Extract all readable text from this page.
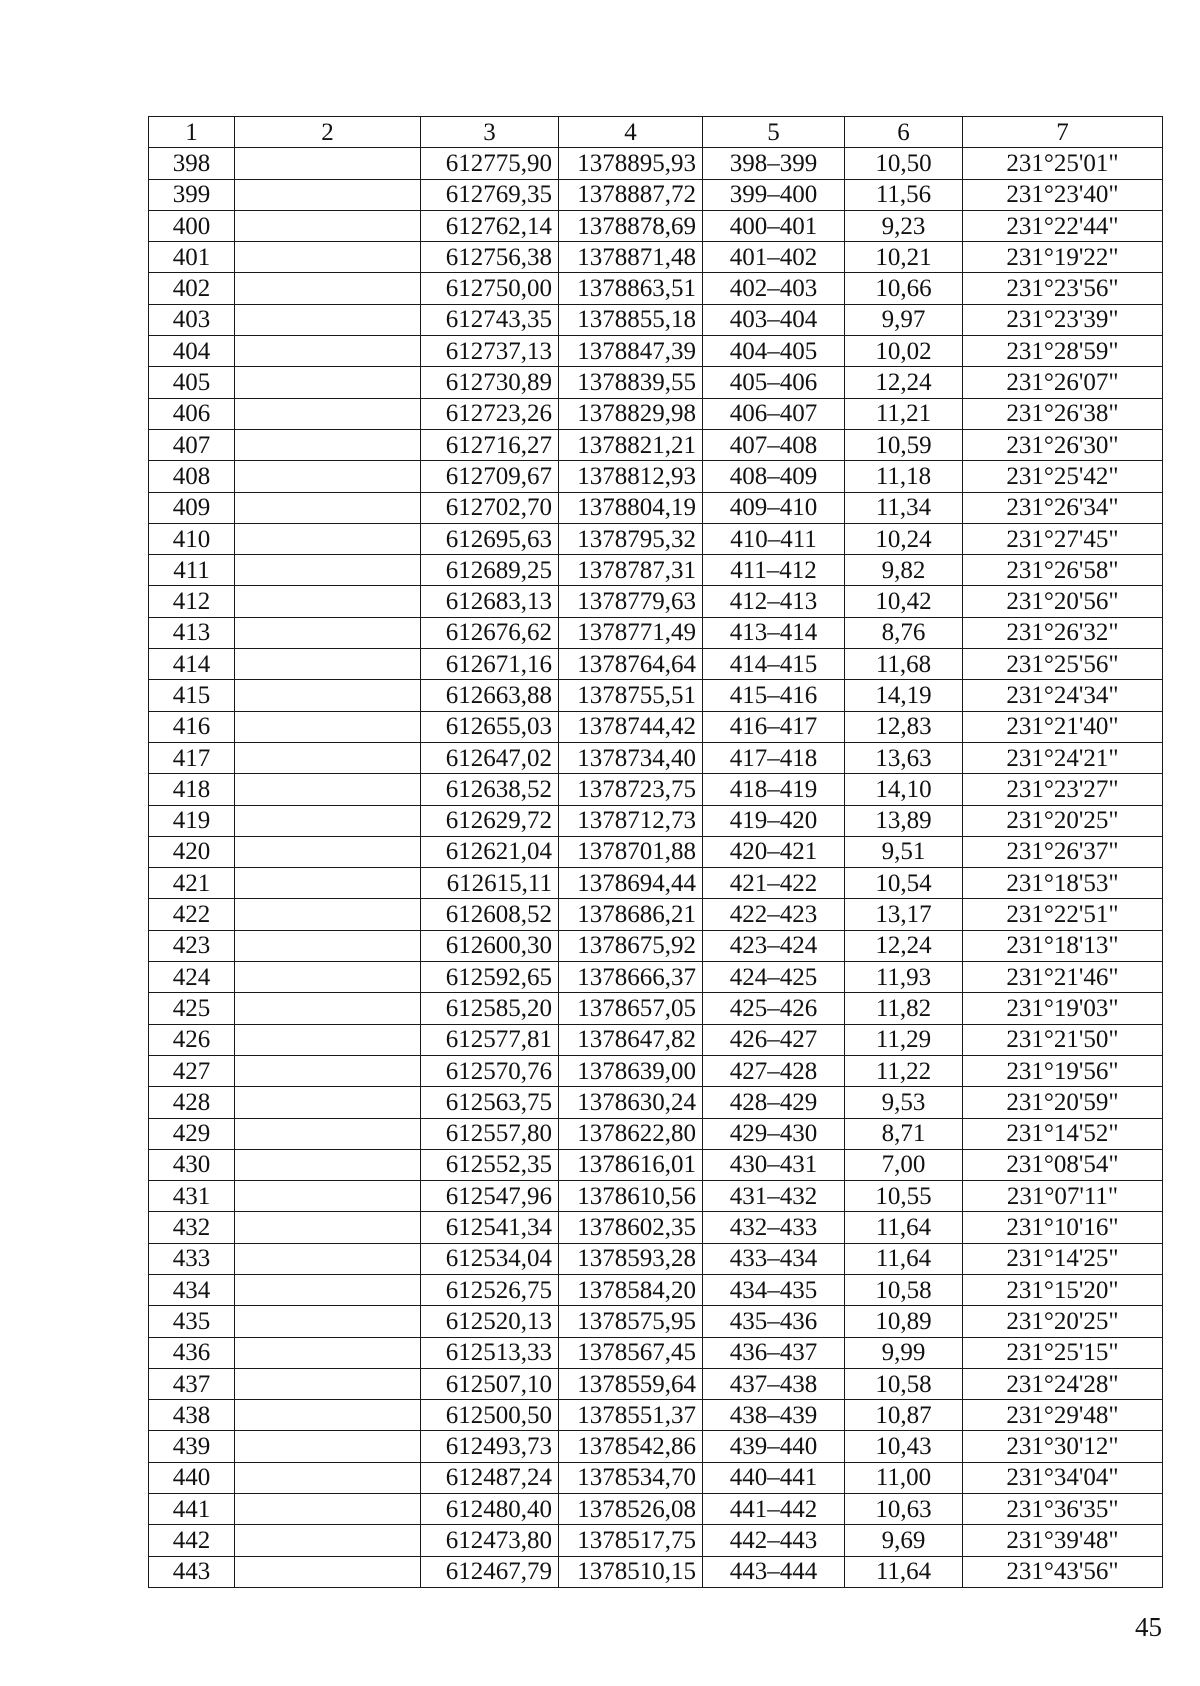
1	2	3	4	5	6	7
398		612775,90	1378895,93	398–399	10,50	231°25'01"
399		612769,35	1378887,72	399–400	11,56	231°23'40"
400		612762,14	1378878,69	400–401	9,23	231°22'44"
401		612756,38	1378871,48	401–402	10,21	231°19'22"
402		612750,00	1378863,51	402–403	10,66	231°23'56"
403		612743,35	1378855,18	403–404	9,97	231°23'39"
404		612737,13	1378847,39	404–405	10,02	231°28'59"
405		612730,89	1378839,55	405–406	12,24	231°26'07"
406		612723,26	1378829,98	406–407	11,21	231°26'38"
407		612716,27	1378821,21	407–408	10,59	231°26'30"
408		612709,67	1378812,93	408–409	11,18	231°25'42"
409		612702,70	1378804,19	409–410	11,34	231°26'34"
410		612695,63	1378795,32	410–411	10,24	231°27'45"
411		612689,25	1378787,31	411–412	9,82	231°26'58"
412		612683,13	1378779,63	412–413	10,42	231°20'56"
413		612676,62	1378771,49	413–414	8,76	231°26'32"
414		612671,16	1378764,64	414–415	11,68	231°25'56"
415		612663,88	1378755,51	415–416	14,19	231°24'34"
416		612655,03	1378744,42	416–417	12,83	231°21'40"
417		612647,02	1378734,40	417–418	13,63	231°24'21"
418		612638,52	1378723,75	418–419	14,10	231°23'27"
419		612629,72	1378712,73	419–420	13,89	231°20'25"
420		612621,04	1378701,88	420–421	9,51	231°26'37"
421		612615,11	1378694,44	421–422	10,54	231°18'53"
422		612608,52	1378686,21	422–423	13,17	231°22'51"
423		612600,30	1378675,92	423–424	12,24	231°18'13"
424		612592,65	1378666,37	424–425	11,93	231°21'46"
425		612585,20	1378657,05	425–426	11,82	231°19'03"
426		612577,81	1378647,82	426–427	11,29	231°21'50"
427		612570,76	1378639,00	427–428	11,22	231°19'56"
428		612563,75	1378630,24	428–429	9,53	231°20'59"
429		612557,80	1378622,80	429–430	8,71	231°14'52"
430		612552,35	1378616,01	430–431	7,00	231°08'54"
431		612547,96	1378610,56	431–432	10,55	231°07'11"
432		612541,34	1378602,35	432–433	11,64	231°10'16"
433		612534,04	1378593,28	433–434	11,64	231°14'25"
434		612526,75	1378584,20	434–435	10,58	231°15'20"
435		612520,13	1378575,95	435–436	10,89	231°20'25"
436		612513,33	1378567,45	436–437	9,99	231°25'15"
437		612507,10	1378559,64	437–438	10,58	231°24'28"
438		612500,50	1378551,37	438–439	10,87	231°29'48"
439		612493,73	1378542,86	439–440	10,43	231°30'12"
440		612487,24	1378534,70	440–441	11,00	231°34'04"
441		612480,40	1378526,08	441–442	10,63	231°36'35"
442		612473,80	1378517,75	442–443	9,69	231°39'48"
443		612467,79	1378510,15	443–444	11,64	231°43'56"
45
